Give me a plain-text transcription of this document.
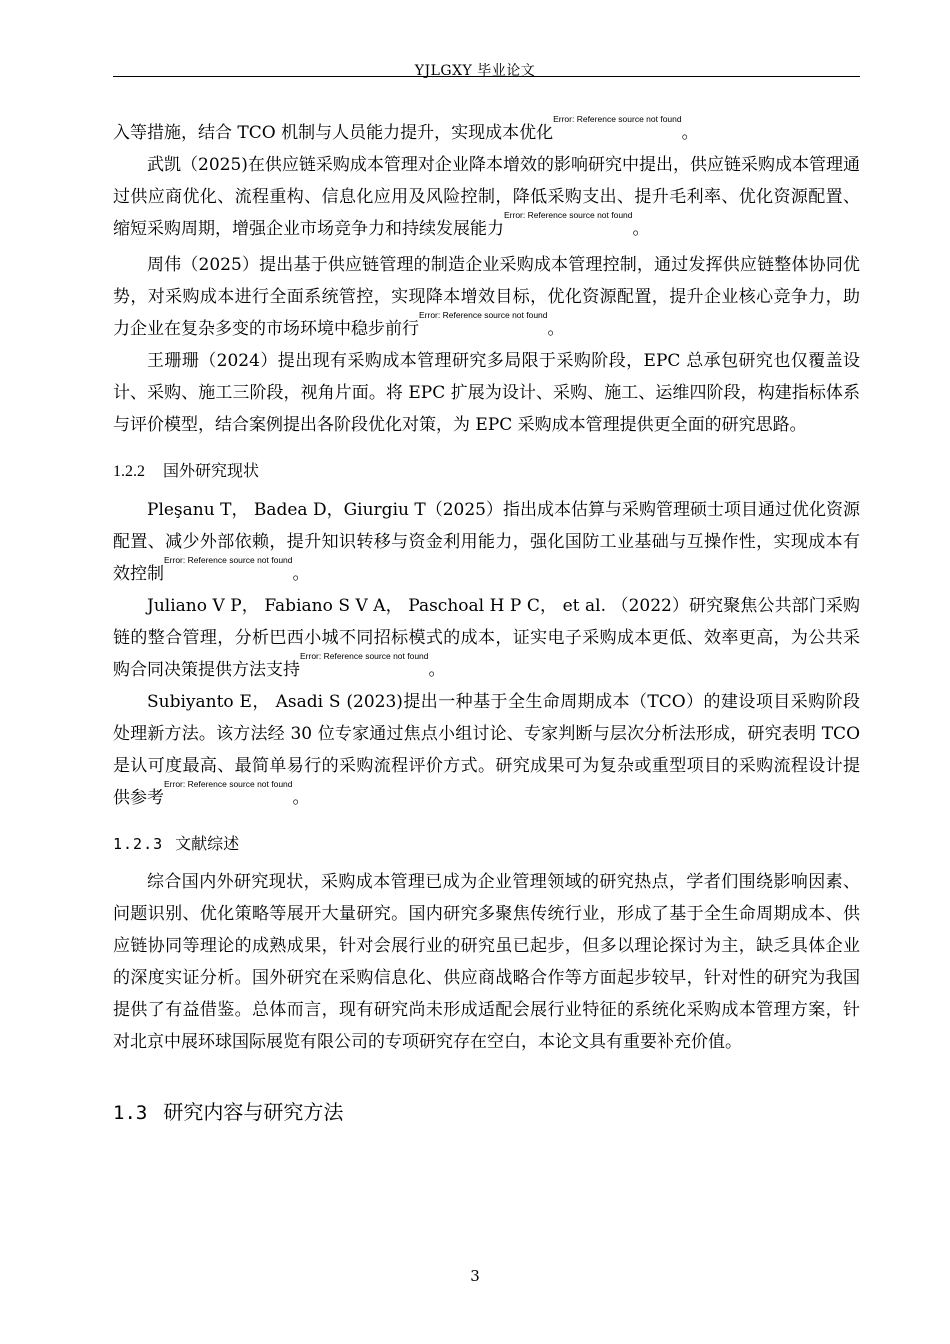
YJLGXY 毕业论文

入等措施，结合 TCO 机制与人员能力提升，实现成本优化$^{Error: Reference source not found}$。

武凯（2025)在供应链采购成本管理对企业降本增效的影响研究中提出，供应链采购成本管理通过供应商优化、流程重构、信息化应用及风险控制，降低采购支出、提升毛利率、优化资源配置、缩短采购周期，增强企业市场竞争力和持续发展能力$^{Error: Reference source not found}$。

周伟（2025）提出基于供应链管理的制造企业采购成本管理控制，通过发挥供应链整体协同优势，对采购成本进行全面系统管控，实现降本增效目标，优化资源配置，提升企业核心竞争力，助力企业在复杂多变的市场环境中稳步前行$^{Error: Reference source not found}$。

王珊珊（2024）提出现有采购成本管理研究多局限于采购阶段，EPC 总承包研究也仅覆盖设计、采购、施工三阶段，视角片面。将 EPC 扩展为设计、采购、施工、运维四阶段，构建指标体系与评价模型，结合案例提出各阶段优化对策，为 EPC 采购成本管理提供更全面的研究思路。

1.2.2 国外研究现状

Pleşanu T， Badea D，Giurgiu T（2025）指出成本估算与采购管理硕士项目通过优化资源配置、减少外部依赖，提升知识转移与资金利用能力，强化国防工业基础与互操作性，实现成本有效控制$^{Error: Reference source not found}$。

Juliano V P， Fabiano S V A， Paschoal H P C， et al. （2022）研究聚焦公共部门采购链的整合管理，分析巴西小城不同招标模式的成本，证实电子采购成本更低、效率更高，为公共采购合同决策提供方法支持$^{Error: Reference source not found}$。

Subiyanto E， Asadi S (2023)提出一种基于全生命周期成本（TCO）的建设项目采购阶段处理新方法。该方法经 30 位专家通过焦点小组讨论、专家判断与层次分析法形成，研究表明 TCO 是认可度最高、最简单易行的采购流程评价方式。研究成果可为复杂或重型项目的采购流程设计提供参考$^{Error: Reference source not found}$。

1.2.3 文献综述

综合国内外研究现状，采购成本管理已成为企业管理领域的研究热点，学者们围绕影响因素、问题识别、优化策略等展开大量研究。国内研究多聚焦传统行业，形成了基于全生命周期成本、供应链协同等理论的成熟成果，针对会展行业的研究虽已起步，但多以理论探讨为主，缺乏具体企业的深度实证分析。国外研究在采购信息化、供应商战略合作等方面起步较早，针对性的研究为我国提供了有益借鉴。总体而言，现有研究尚未形成适配会展行业特征的系统化采购成本管理方案，针对北京中展环球国际展览有限公司的专项研究存在空白，本论文具有重要补充价值。

1.3 研究内容与研究方法
3
